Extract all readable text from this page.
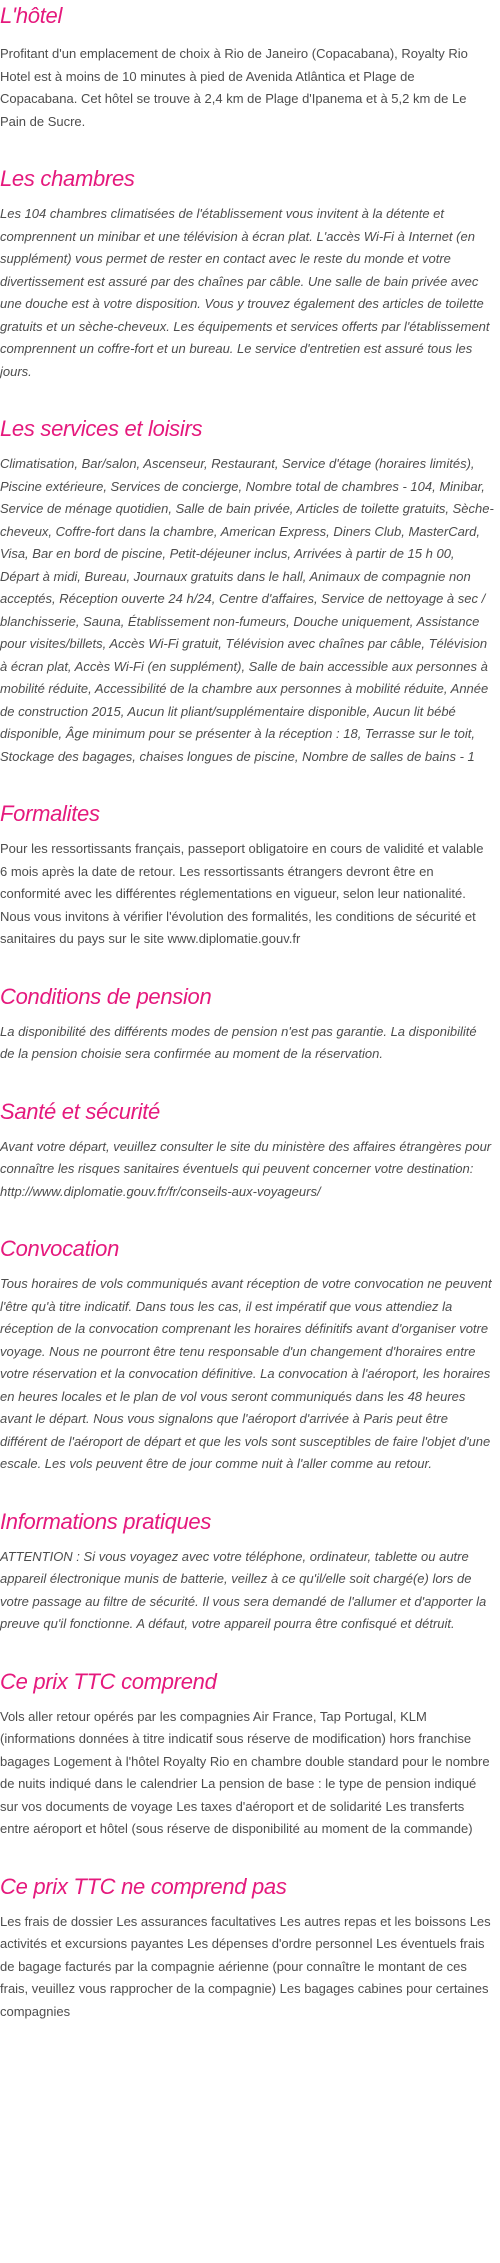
L'hôtel

Profitant d'un emplacement de choix à Rio de Janeiro (Copacabana), Royalty Rio Hotel est à moins de 10 minutes à pied de Avenida Atlântica et Plage de Copacabana. Cet hôtel se trouve à 2,4 km de Plage d'Ipanema et à 5,2 km de Le Pain de Sucre.

Les chambres

Les 104 chambres climatisées de l'établissement vous invitent à la détente et comprennent un minibar et une télévision à écran plat. L'accès Wi-Fi à Internet (en supplément) vous permet de rester en contact avec le reste du monde et votre divertissement est assuré par des chaînes par câble. Une salle de bain privée avec une douche est à votre disposition. Vous y trouvez également des articles de toilette gratuits et un sèche-cheveux. Les équipements et services offerts par l'établissement comprennent un coffre-fort et un bureau. Le service d'entretien est assuré tous les jours.

Les services et loisirs

Climatisation, Bar/salon, Ascenseur, Restaurant, Service d'étage (horaires limités), Piscine extérieure, Services de concierge, Nombre total de chambres - 104, Minibar, Service de ménage quotidien, Salle de bain privée, Articles de toilette gratuits, Sèche-cheveux, Coffre-fort dans la chambre, American Express, Diners Club, MasterCard, Visa, Bar en bord de piscine, Petit-déjeuner inclus, Arrivées à partir de 15 h 00, Départ à midi, Bureau, Journaux gratuits dans le hall, Animaux de compagnie non acceptés, Réception ouverte 24 h/24, Centre d'affaires, Service de nettoyage à sec / blanchisserie, Sauna, Établissement non-fumeurs, Douche uniquement, Assistance pour visites/billets, Accès Wi-Fi gratuit, Télévision avec chaînes par câble, Télévision à écran plat, Accès Wi-Fi (en supplément), Salle de bain accessible aux personnes à mobilité réduite, Accessibilité de la chambre aux personnes à mobilité réduite, Année de construction 2015, Aucun lit pliant/supplémentaire disponible, Aucun lit bébé disponible, Âge minimum pour se présenter à la réception : 18, Terrasse sur le toit, Stockage des bagages, chaises longues de piscine, Nombre de salles de bains - 1

Formalites

Pour les ressortissants français, passeport obligatoire en cours de validité et valable 6 mois après la date de retour. Les ressortissants étrangers devront être en conformité avec les différentes réglementations en vigueur, selon leur nationalité. Nous vous invitons à vérifier l'évolution des formalités, les conditions de sécurité et sanitaires du pays sur le site www.diplomatie.gouv.fr

Conditions de pension

La disponibilité des différents modes de pension n'est pas garantie. La disponibilité de la pension choisie sera confirmée au moment de la réservation.

Santé et sécurité

Avant votre départ, veuillez consulter le site du ministère des affaires étrangères pour connaître les risques sanitaires éventuels qui peuvent concerner votre destination: http://www.diplomatie.gouv.fr/fr/conseils-aux-voyageurs/

Convocation

Tous horaires de vols communiqués avant réception de votre convocation ne peuvent l'être qu'à titre indicatif. Dans tous les cas, il est impératif que vous attendiez la réception de la convocation comprenant les horaires définitifs avant d'organiser votre voyage. Nous ne pourront être tenu responsable d'un changement d'horaires entre votre réservation et la convocation définitive. La convocation à l'aéroport, les horaires en heures locales et le plan de vol vous seront communiqués dans les 48 heures avant le départ. Nous vous signalons que l'aéroport d'arrivée à Paris peut être différent de l'aéroport de départ et que les vols sont susceptibles de faire l'objet d'une escale. Les vols peuvent être de jour comme nuit à l'aller comme au retour.

Informations pratiques

ATTENTION : Si vous voyagez avec votre téléphone, ordinateur, tablette ou autre appareil électronique munis de batterie, veillez à ce qu'il/elle soit chargé(e) lors de votre passage au filtre de sécurité. Il vous sera demandé de l'allumer et d'apporter la preuve qu'il fonctionne. A défaut, votre appareil pourra être confisqué et détruit.

Ce prix TTC comprend

Vols aller retour opérés par les compagnies Air France, Tap Portugal, KLM (informations données à titre indicatif sous réserve de modification) hors franchise bagages Logement à l'hôtel Royalty Rio en chambre double standard pour le nombre de nuits indiqué dans le calendrier La pension de base : le type de pension indiqué sur vos documents de voyage Les taxes d'aéroport et de solidarité Les transferts entre aéroport et hôtel (sous réserve de disponibilité au moment de la commande)

Ce prix TTC ne comprend pas

Les frais de dossier Les assurances facultatives Les autres repas et les boissons Les activités et excursions payantes Les dépenses d'ordre personnel Les éventuels frais de bagage facturés par la compagnie aérienne (pour connaître le montant de ces frais, veuillez vous rapprocher de la compagnie) Les bagages cabines pour certaines compagnies
